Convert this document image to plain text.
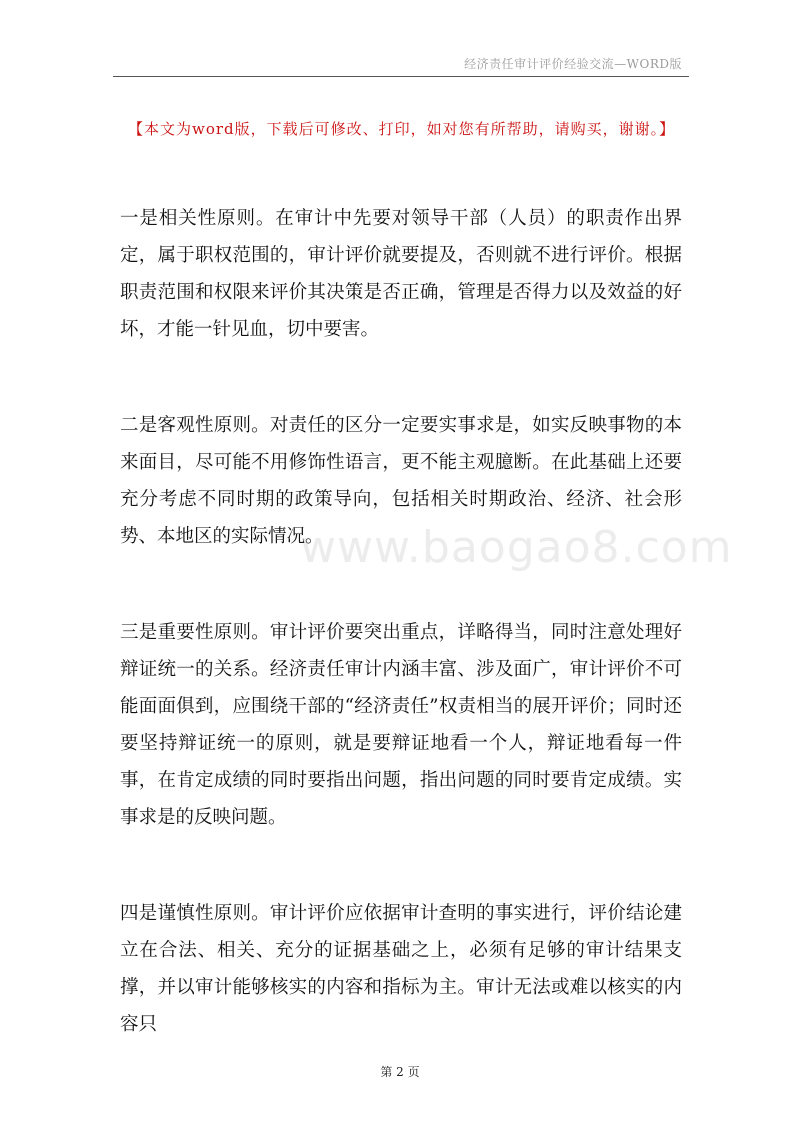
经济责任审计评价经验交流—WORD版
【本文为word版，下载后可修改、打印，如对您有所帮助，请购买，谢谢。】
www.baogao8.com

一是相关性原则。在审计中先要对领导干部（人员）的职责作出界定，属于职权范围的，审计评价就要提及，否则就不进行评价。根据职责范围和权限来评价其决策是否正确，管理是否得力以及效益的好坏，才能一针见血，切中要害。

二是客观性原则。对责任的区分一定要实事求是，如实反映事物的本来面目，尽可能不用修饰性语言，更不能主观臆断。在此基础上还要充分考虑不同时期的政策导向，包括相关时期政治、经济、社会形势、本地区的实际情况。

三是重要性原则。审计评价要突出重点，详略得当，同时注意处理好辩证统一的关系。经济责任审计内涵丰富、涉及面广，审计评价不可能面面俱到，应围绕干部的“经济责任”权责相当的展开评价；同时还要坚持辩证统一的原则，就是要辩证地看一个人，辩证地看每一件事，在肯定成绩的同时要指出问题，指出问题的同时要肯定成绩。实事求是的反映问题。

四是谨慎性原则。审计评价应依据审计查明的事实进行，评价结论建立在合法、相关、充分的证据基础之上，必须有足够的审计结果支撑，并以审计能够核实的内容和指标为主。审计无法或难以核实的内容只

第 2 页
